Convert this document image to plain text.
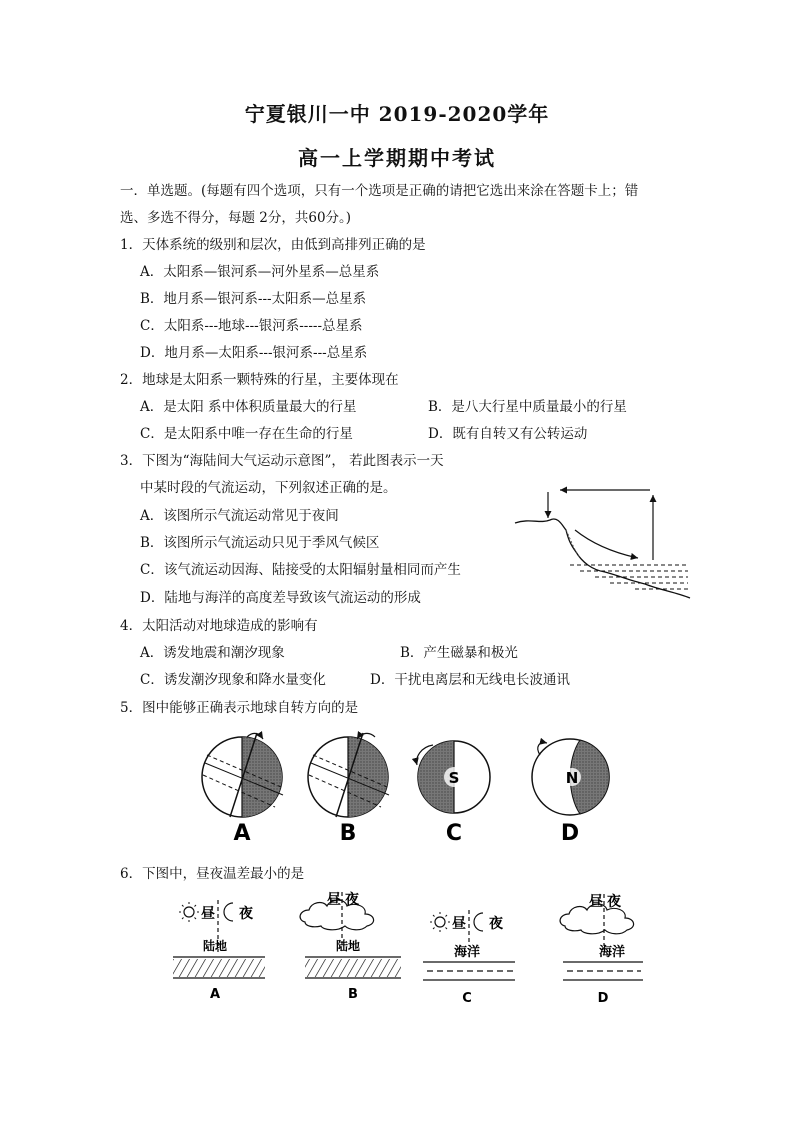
宁夏银川一中 2019-2020学年
高一上学期期中考试
一．单选题。(每题有四个选项，只有一个选项是正确的请把它选出来涂在答题卡上；错
选、多选不得分，每题 2分，共60分。)
1．天体系统的级别和层次，由低到高排列正确的是
A．太阳系—银河系—河外星系—总星系
B．地月系—银河系---太阳系—总星系
C．太阳系---地球---银河系-----总星系
D．地月系—太阳系---银河系---总星系
2．地球是太阳系一颗特殊的行星，主要体现在
A．是太阳 系中体积质量最大的行星	B．是八大行星中质量最小的行星
C．是太阳系中唯一存在生命的行星	D．既有自转又有公转运动
3．下图为“海陆间大气运动示意图”， 若此图表示一天
中某时段的气流运动，下列叙述正确的是。
A．该图所示气流运动常见于夜间
B．该图所示气流运动只见于季风气候区
C．该气流运动因海、陆接受的太阳辐射量相同而产生
D．陆地与海洋的高度差导致该气流运动的形成
4．太阳活动对地球造成的影响有
A．诱发地震和潮汐现象	B．产生磁暴和极光
C．诱发潮汐现象和降水量变化	D．干扰电离层和无线电长波通讯
5．图中能够正确表示地球自转方向的是
A	B
S
C
N
D
6．下图中，昼夜温差最小的是
昼 夜
陆地
A
昼 夜
陆地
B
昼 夜
海洋
C
昼 夜
海洋
D
